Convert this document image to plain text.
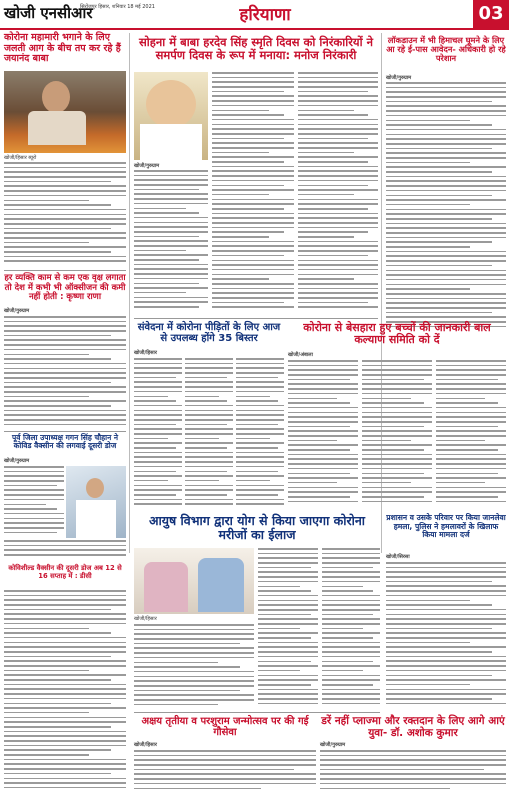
खोजी एनसीआर
सिरोंजपुर हिसार, शनिवार 18 मई 2021	हरियाणा	03
कोरोना महामारी भगाने के लिए जलती आग के बीच तप कर रहे हैं जयानंद बाबा
खोजी/हिसार ब्यूरो
हर व्यक्ति काम से कम एक वृक्ष लगाता तो देश में कभी भी ऑक्सीजन की कमी नहीं होती : कृष्णा राणा
खोजी/गुरुग्राम
पूर्व जिला उपाध्यक्ष गगन सिंह चौहान ने कोविड वैक्सीन की लगवाई दूसरी डोज
खोजी/गुरुग्राम
कोविशील्ड वैक्सीन की दूसरी डोज अब 12 से 16 सप्ताह में : डीसी
सोहना में बाबा हरदेव सिंह स्मृति दिवस को निरंकारियों ने समर्पण दिवस के रूप में मनाया: मनोज निरंकारी
खोजी/गुरुग्राम
लॉकडाउन में भी हिमाचल घूमने के लिए आ रहे ई-पास आवेदन- अधिकारी हो रहे परेशान
खोजी/गुरुग्राम
संवेदना में कोरोना पीड़ितों के लिए आज से उपलब्ध होंगे 35 बिस्तर
खोजी/हिसार
कोरोना से बेसहारा हुए बच्चों की जानकारी बाल कल्याण समिति को दें
खोजी/अंबाला
आयुष विभाग द्वारा योग से किया जाएगा कोरोना मरीजों का ईलाज
खोजी/हिसार
प्रशासन व उसके परिवार पर किया जानलेवा हमला, पुलिस ने हमलावरों के खिलाफ किया मामला दर्ज
खोजी/सिरसा
अक्षय तृतीया व परशुराम जन्मोत्सव पर की गई गौसेवा
खोजी/हिसार
डरें नहीं प्लाज्मा और रक्तदान के लिए आगे आएं युवा- डॉ. अशोक कुमार
खोजी/गुरुग्राम
